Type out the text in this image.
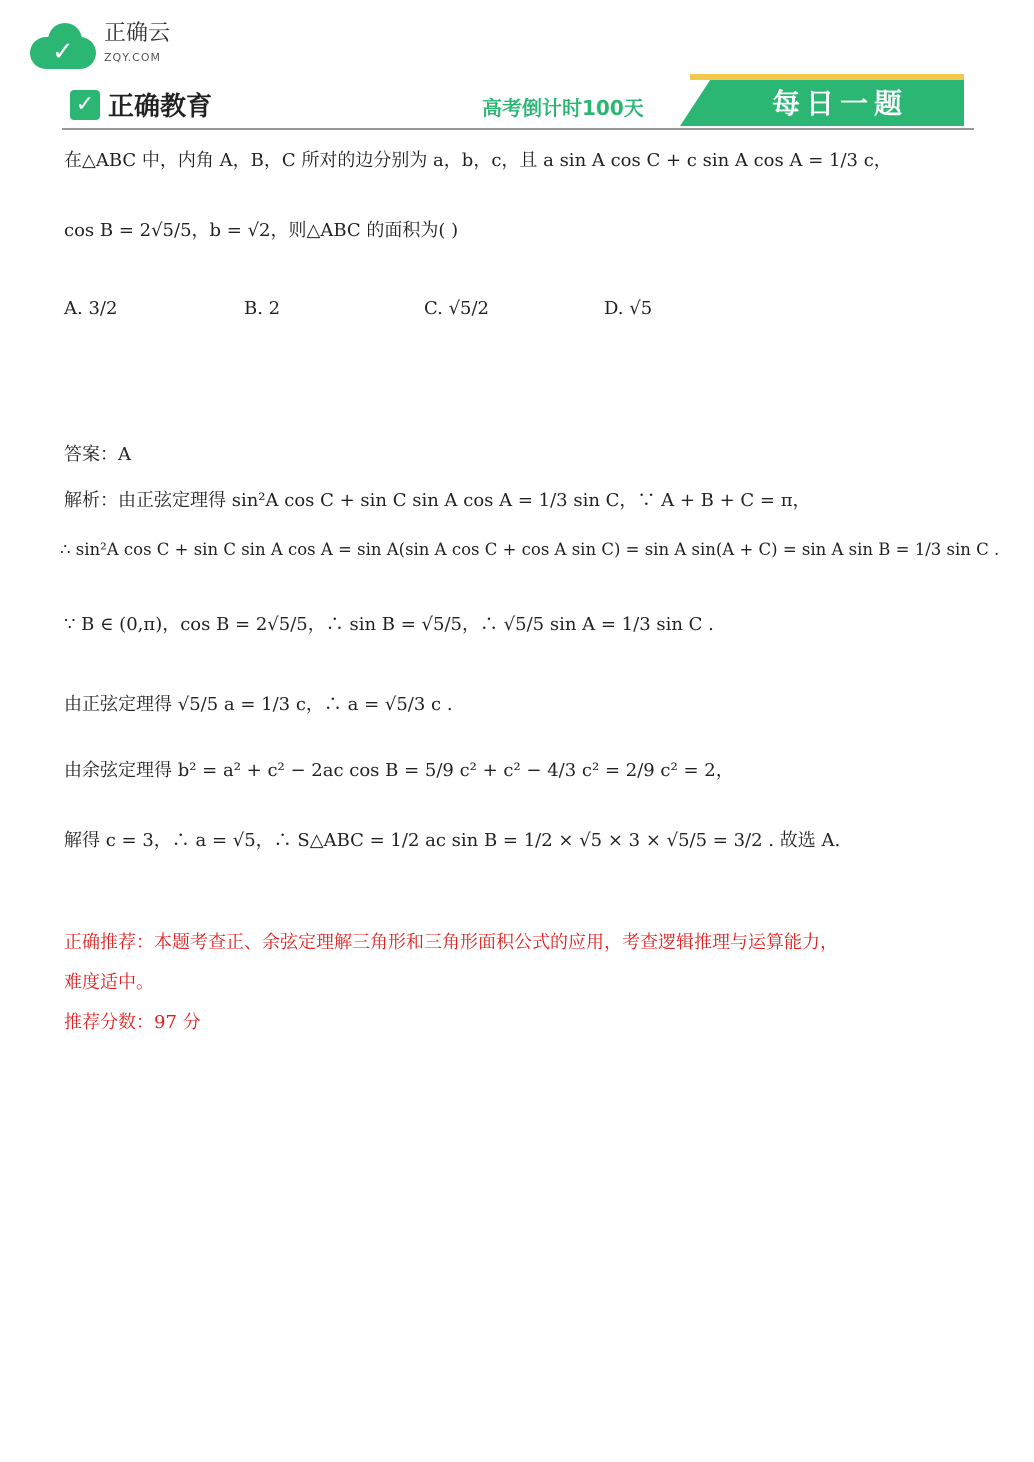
✓
正确云
ZQY.COM
✓ 正确教育	高考倒计时100天	每日一题
在△ABC 中，内角 A，B，C 所对的边分别为 a，b，c，且 a sin A cos C + c sin A cos A = 1/3 c，
cos B = 2√5/5，b = √2，则△ABC 的面积为( )
A. 3/2	B. 2	C. √5/2	D. √5
答案：A
解析：由正弦定理得 sin²A cos C + sin C sin A cos A = 1/3 sin C，∵ A + B + C = π，
∴ sin²A cos C + sin C sin A cos A = sin A(sin A cos C + cos A sin C) = sin A sin(A + C) = sin A sin B = 1/3 sin C .
∵ B ∈ (0,π)，cos B = 2√5/5，∴ sin B = √5/5，∴ √5/5 sin A = 1/3 sin C .
由正弦定理得 √5/5 a = 1/3 c，∴ a = √5/3 c .
由余弦定理得 b² = a² + c² − 2ac cos B = 5/9 c² + c² − 4/3 c² = 2/9 c² = 2，
解得 c = 3，∴ a = √5，∴ S△ABC = 1/2 ac sin B = 1/2 × √5 × 3 × √5/5 = 3/2 . 故选 A.
正确推荐：本题考查正、余弦定理解三角形和三角形面积公式的应用，考查逻辑推理与运算能力，
难度适中。
推荐分数：97 分
